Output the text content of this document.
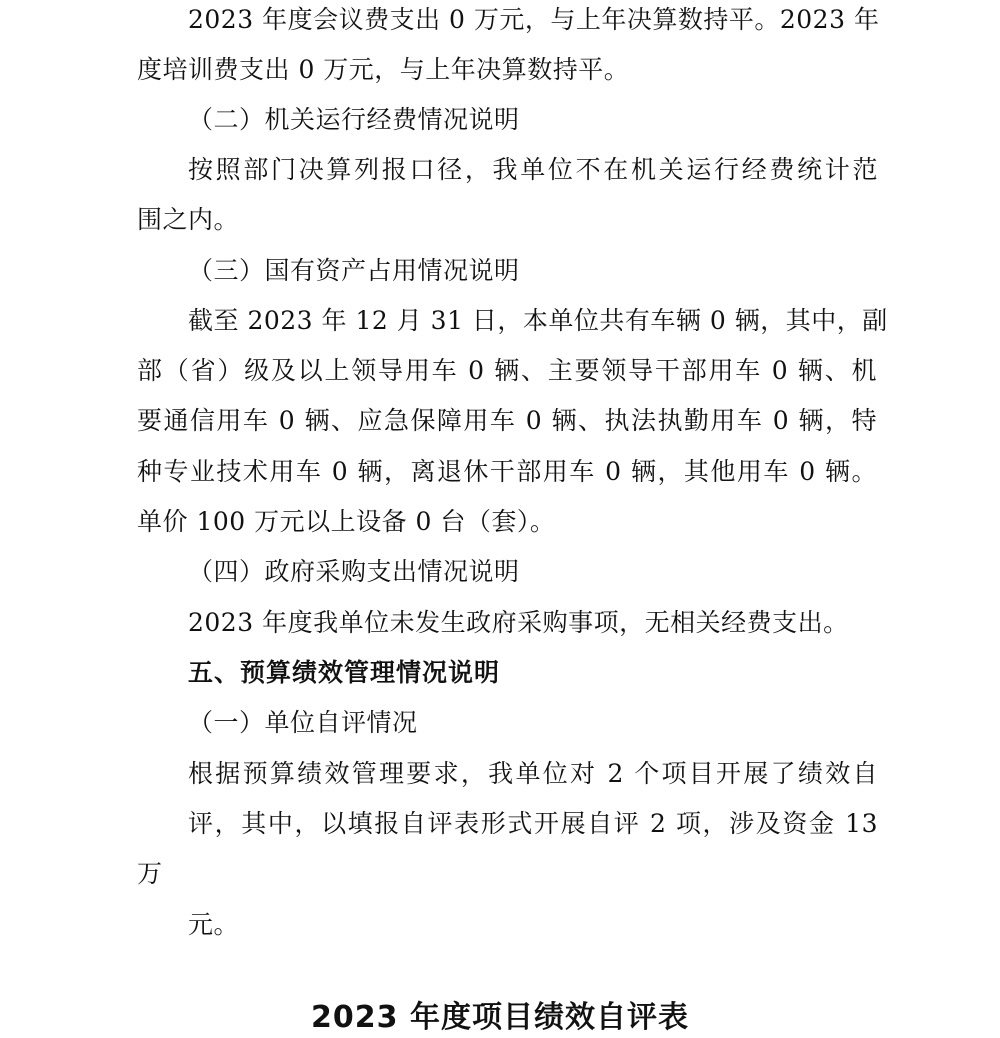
2023 年度会议费支出 0 万元，与上年决算数持平。2023 年
度培训费支出 0 万元，与上年决算数持平。
（二）机关运行经费情况说明
按照部门决算列报口径，我单位不在机关运行经费统计范
围之内。
（三）国有资产占用情况说明
截至 2023 年 12 月 31 日，本单位共有车辆 0 辆，其中，副
部（省）级及以上领导用车 0 辆、主要领导干部用车 0 辆、机
要通信用车 0 辆、应急保障用车 0 辆、执法执勤用车 0 辆，特
种专业技术用车 0 辆，离退休干部用车 0 辆，其他用车 0 辆。
单价 100 万元以上设备 0 台（套）。
（四）政府采购支出情况说明
2023 年度我单位未发生政府采购事项，无相关经费支出。
五、预算绩效管理情况说明
（一）单位自评情况
根据预算绩效管理要求，我单位对 2 个项目开展了绩效自
评，其中，以填报自评表形式开展自评 2 项，涉及资金 13
万
元。
2023 年度项目绩效自评表
